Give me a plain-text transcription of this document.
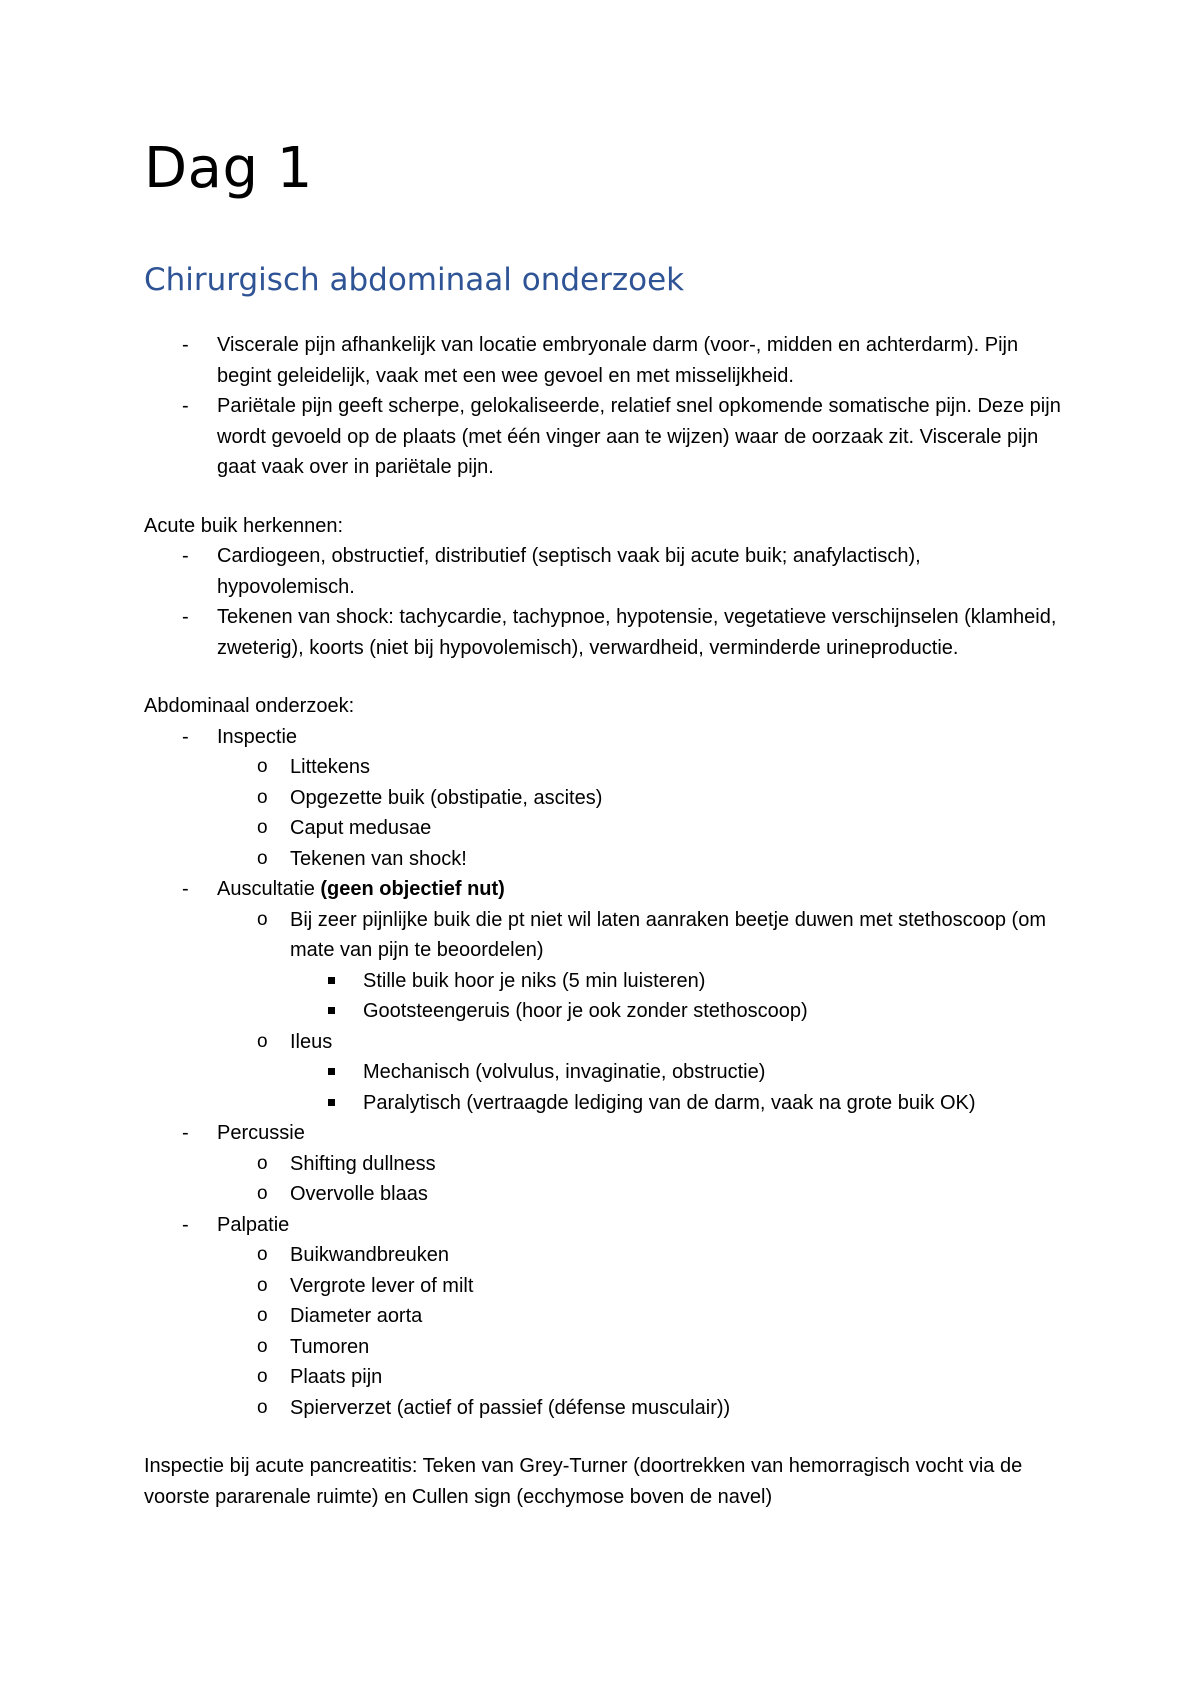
Dag 1
Chirurgisch abdominaal onderzoek
- Viscerale pijn afhankelijk van locatie embryonale darm (voor-, midden en achterdarm). Pijn begint geleidelijk, vaak met een wee gevoel en met misselijkheid.
- Pariëtale pijn geeft scherpe, gelokaliseerde, relatief snel opkomende somatische pijn. Deze pijn wordt gevoeld op de plaats (met één vinger aan te wijzen) waar de oorzaak zit. Viscerale pijn gaat vaak over in pariëtale pijn.

Acute buik herkennen:

- Cardiogeen, obstructief, distributief (septisch vaak bij acute buik; anafylactisch), hypovolemisch.
- Tekenen van shock: tachycardie, tachypnoe, hypotensie, vegetatieve verschijnselen (klamheid, zweterig), koorts (niet bij hypovolemisch), verwardheid, verminderde urineproductie.

Abdominaal onderzoek:

- Inspectie
o Littekens
o Opgezette buik (obstipatie, ascites)
o Caput medusae
o Tekenen van shock!
- Auscultatie (geen objectief nut)
o Bij zeer pijnlijke buik die pt niet wil laten aanraken beetje duwen met stethoscoop (om mate van pijn te beoordelen)
Stille buik hoor je niks (5 min luisteren)
Gootsteengeruis (hoor je ook zonder stethoscoop)
o Ileus
Mechanisch (volvulus, invaginatie, obstructie)
Paralytisch (vertraagde lediging van de darm, vaak na grote buik OK)
- Percussie
o Shifting dullness
o Overvolle blaas
- Palpatie
o Buikwandbreuken
o Vergrote lever of milt
o Diameter aorta
o Tumoren
o Plaats pijn
o Spierverzet (actief of passief (défense musculair))

Inspectie bij acute pancreatitis: Teken van Grey-Turner (doortrekken van hemorragisch vocht via de voorste pararenale ruimte) en Cullen sign (ecchymose boven de navel)
